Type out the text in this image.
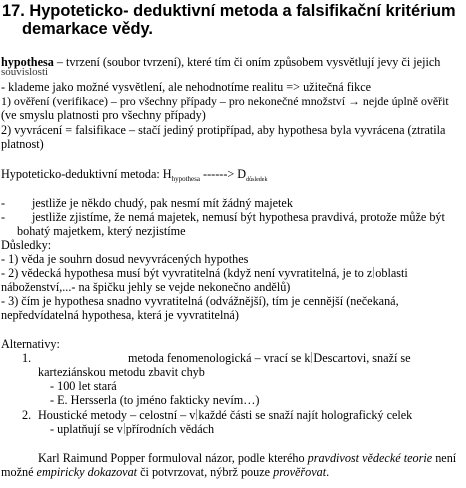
17. Hypoteticko- deduktivní metoda a falsifikační kritérium
demarkace vědy.
hypothesa – tvrzení (soubor tvrzení), které tím či oním způsobem vysvětlují jevy či jejich
souvislosti
- klademe jako možné vysvětlení, ale nehodnotíme realitu => užitečná fikce
1) ověření (verifikace) – pro všechny případy – pro nekonečné množství → nejde úplně ověřit
(ve smyslu platnosti pro všechny případy)
2) vyvrácení = falsifikace – stačí jediný protipřípad, aby hypothesa byla vyvrácena (ztratila
platnost)
Hypoteticko-deduktivní metoda: $H_{hypothesa}$ ------> $D_{důsledek}$
- jestliže je někdo chudý, pak nesmí mít žádný majetek
- jestliže zjistíme, že nemá majetek, nemusí být hypothesa pravdivá, protože může být
bohatý majetkem, který nezjistíme
Důsledky:
- 1) věda je souhrn dosud nevyvrácených hypothes
- 2) vědecká hypothesa musí být vyvratitelná (když není vyvratitelná, je to z oblasti
náboženství,...- na špičku jehly se vejde nekonečno andělů)
- 3) čím je hypothesa snadno vyvratitelná (odvážnější), tím je cennější (nečekaná,
nepředvídatelná hypothesa, která je vyvratitelná)
Alternativy:
1.	metoda fenomenologická – vrací se k Descartovi, snaží se
karteziánskou metodu zbavit chyb
- 100 let stará
- E. Hersserla (to jméno fakticky nevím…)
2. Houstické metody – celostní – v každé části se snaží najít holografický celek
- uplatňují se v přírodních vědách
Karl Raimund Popper formuloval názor, podle kterého pravdivost vědecké teorie není
možné empiricky dokazovat či potvrzovat, nýbrž pouze prověřovat.
